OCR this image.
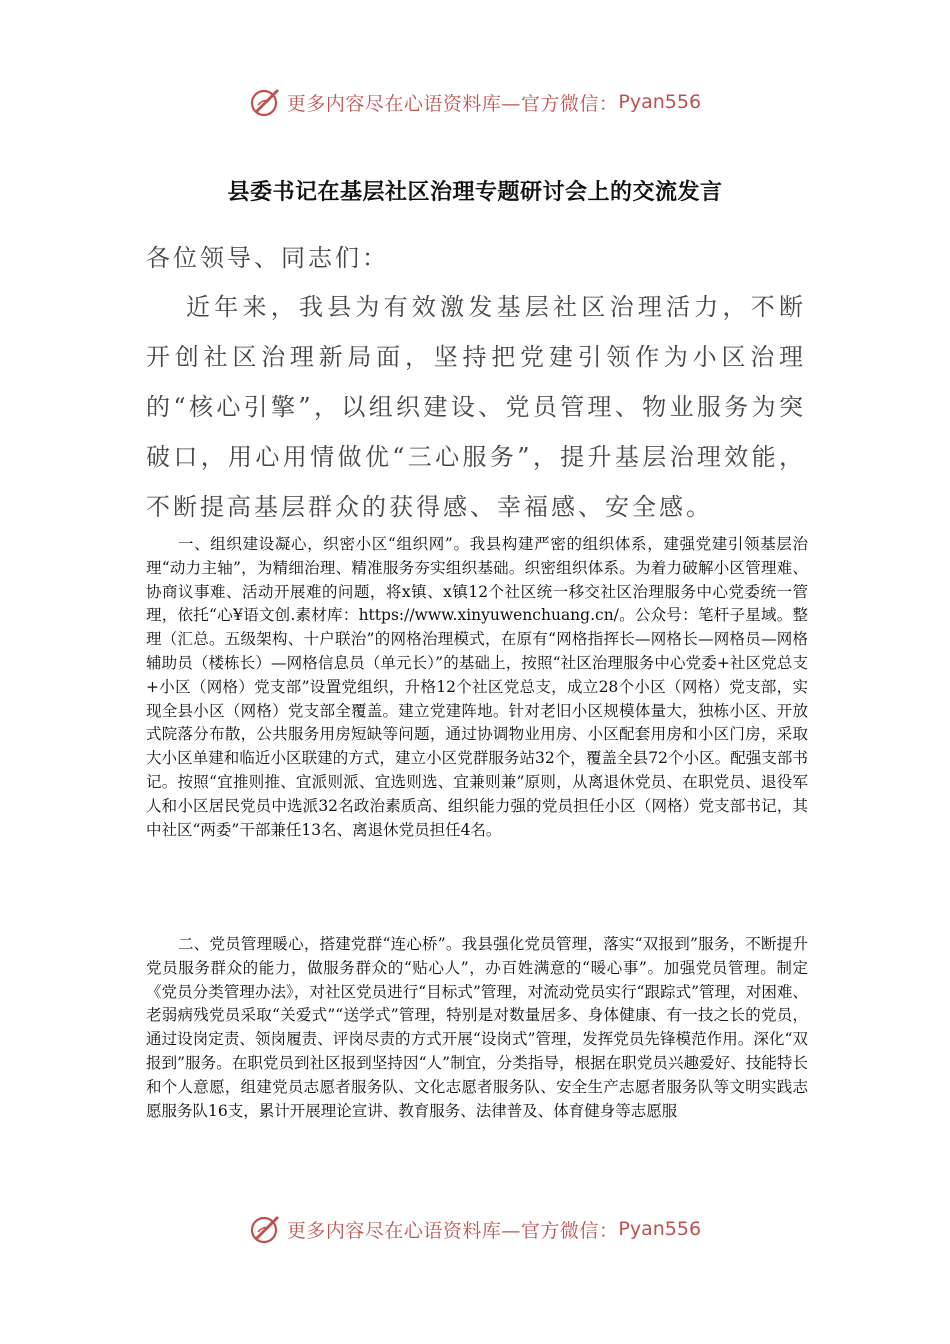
更多内容尽在心语资料库—官方微信： Pyan556
县委书记在基层社区治理专题研讨会上的交流发言
各位领导、同志们：

近年来，我县为有效激发基层社区治理活力，不断开创社区治理新局面，坚持把党建引领作为小区治理的“核心引擎”，以组织建设、党员管理、物业服务为突破口，用心用情做优“三心服务”，提升基层治理效能，不断提高基层群众的获得感、幸福感、安全感。

一、组织建设凝心，织密小区“组织网”。我县构建严密的组织体系，建强党建引领基层治理“动力主轴”，为精细治理、精准服务夯实组织基础。织密组织体系。为着力破解小区管理难、协商议事难、活动开展难的问题，将x镇、x镇12个社区统一移交社区治理服务中心党委统一管理，依托“心¥语文创.素材库：https://www.xinyuwenchuang.cn/。公众号：笔杆子星域。整理（汇总。五级架构、十户联治”的网格治理模式，在原有“网格指挥长—网格长—网格员—网格辅助员（楼栋长）—网格信息员（单元长）”的基础上，按照“社区治理服务中心党委+社区党总支+小区（网格）党支部”设置党组织，升格12个社区党总支，成立28个小区（网格）党支部，实现全县小区（网格）党支部全覆盖。建立党建阵地。针对老旧小区规模体量大，独栋小区、开放式院落分布散，公共服务用房短缺等问题，通过协调物业用房、小区配套用房和小区门房，采取大小区单建和临近小区联建的方式，建立小区党群服务站32个，覆盖全县72个小区。配强支部书记。按照“宜推则推、宜派则派、宜选则选、宜兼则兼”原则，从离退休党员、在职党员、退役军人和小区居民党员中选派32名政治素质高、组织能力强的党员担任小区（网格）党支部书记，其中社区“两委”干部兼任13名、离退休党员担任4名。

二、党员管理暖心，搭建党群“连心桥”。我县强化党员管理，落实“双报到”服务，不断提升党员服务群众的能力，做服务群众的“贴心人”，办百姓满意的“暖心事”。加强党员管理。制定《党员分类管理办法》，对社区党员进行“目标式”管理，对流动党员实行“跟踪式”管理，对困难、老弱病残党员采取“关爱式”“送学式”管理，特别是对数量居多、身体健康、有一技之长的党员，通过设岗定责、领岗履责、评岗尽责的方式开展“设岗式”管理，发挥党员先锋模范作用。深化“双报到”服务。在职党员到社区报到坚持因“人”制宜，分类指导，根据在职党员兴趣爱好、技能特长和个人意愿，组建党员志愿者服务队、文化志愿者服务队、安全生产志愿者服务队等文明实践志愿服务队16支，累计开展理论宣讲、教育服务、法律普及、体育健身等志愿服

更多内容尽在心语资料库—官方微信： Pyan556
